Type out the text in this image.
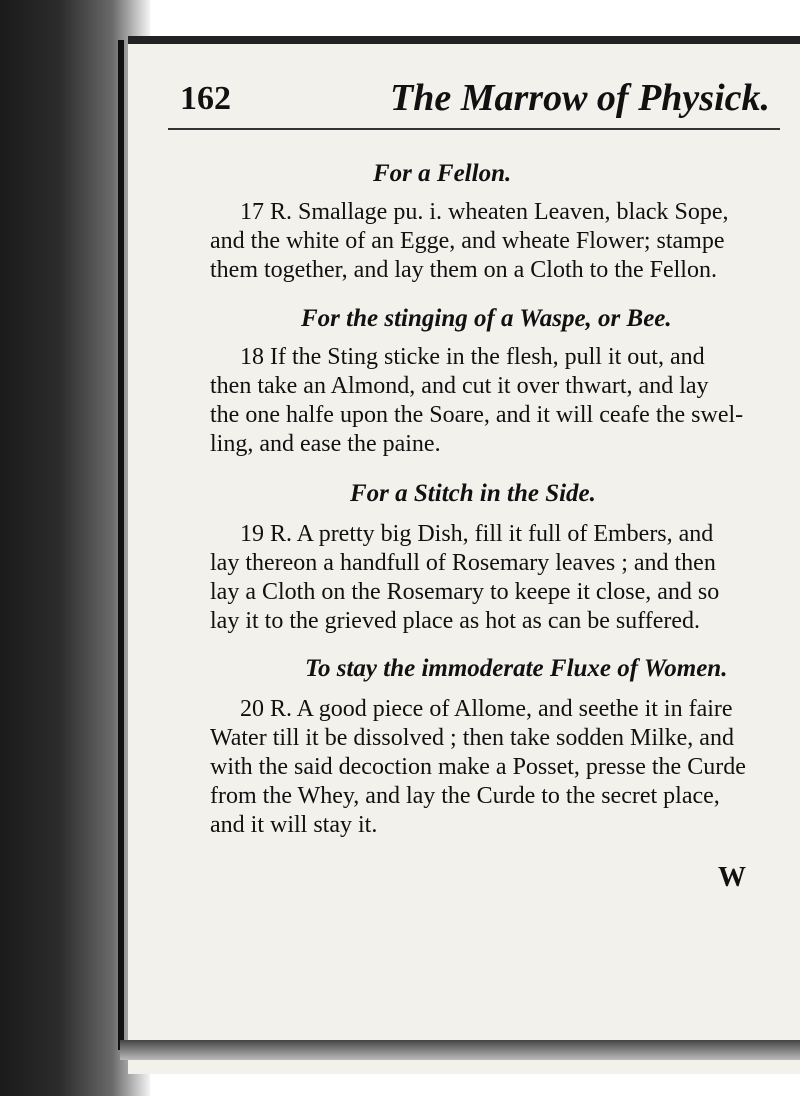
162	The Marrow of Physick.
For a Fellon.
17 R. Smallage pu. i. wheaten Leaven, black Sope,
and the white of an Egge, and wheate Flower; stampe
them together, and lay them on a Cloth to the Fellon.
For the stinging of a Waspe, or Bee.
18 If the Sting sticke in the flesh, pull it out, and
then take an Almond, and cut it over thwart, and lay
the one halfe upon the Soare, and it will ceafe the swel-
ling, and ease the paine.
For a Stitch in the Side.
19 R. A pretty big Dish, fill it full of Embers, and
lay thereon a handfull of Rosemary leaves ; and then
lay a Cloth on the Rosemary to keepe it close, and so
lay it to the grieved place as hot as can be suffered.
To stay the immoderate Fluxe of Women.
20 R. A good piece of Allome, and seethe it in faire
Water till it be dissolved ; then take sodden Milke, and
with the said decoction make a Posset, presse the Curde
from the Whey, and lay the Curde to the secret place,
and it will stay it.
W
